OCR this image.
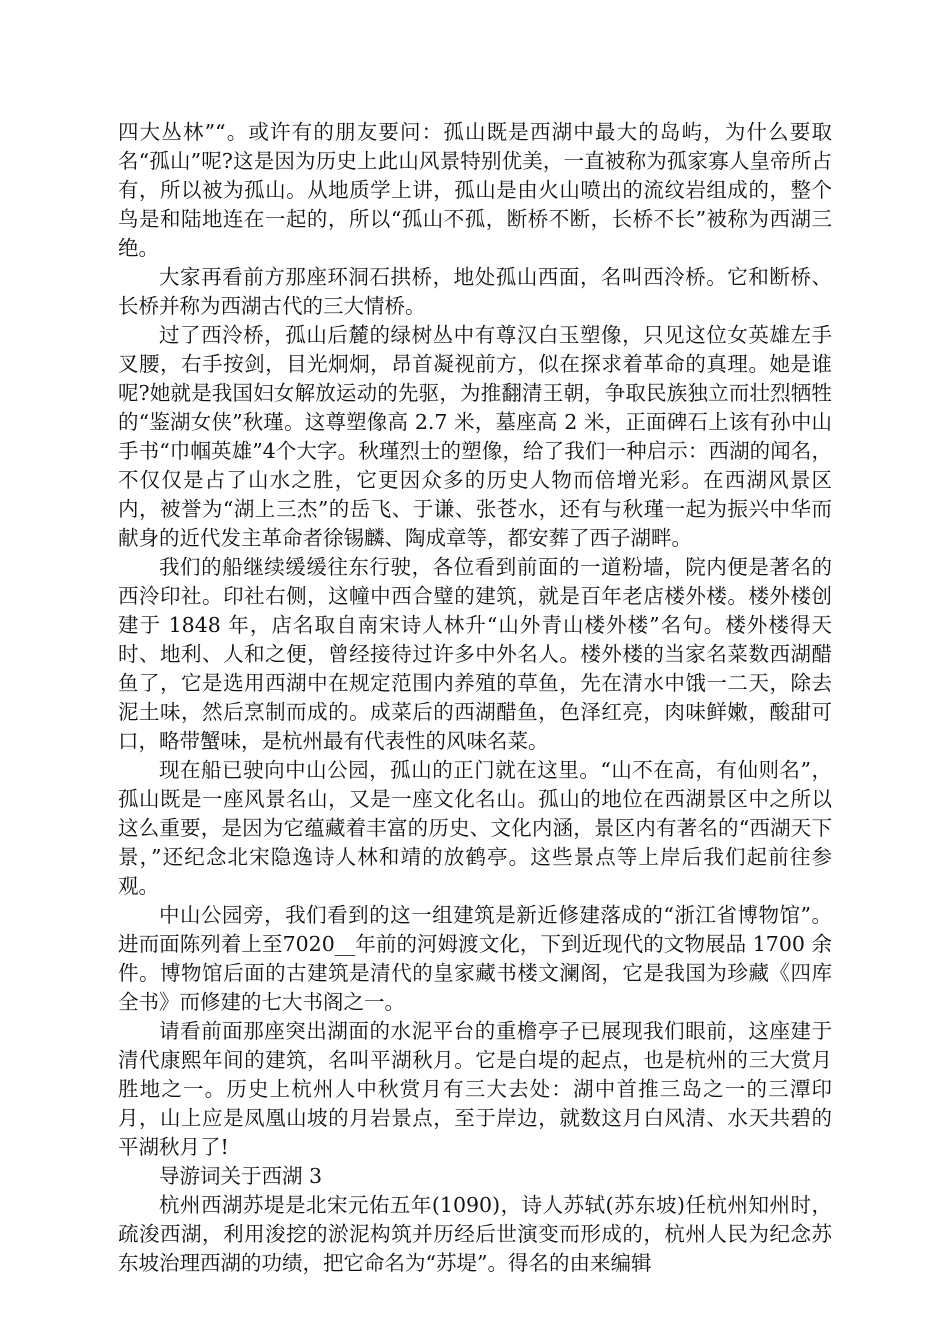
四大丛林”“。或许有的朋友要问：孤山既是西湖中最大的岛屿，为什么要取名“孤山”呢?这是因为历史上此山风景特别优美，一直被称为孤家寡人皇帝所占有，所以被为孤山。从地质学上讲，孤山是由火山喷出的流纹岩组成的，整个鸟是和陆地连在一起的，所以“孤山不孤，断桥不断，长桥不长”被称为西湖三绝。

大家再看前方那座环洞石拱桥，地处孤山西面，名叫西泠桥。它和断桥、长桥并称为西湖古代的三大情桥。

过了西泠桥，孤山后麓的绿树丛中有尊汉白玉塑像，只见这位女英雄左手叉腰，右手按剑，目光炯炯，昂首凝视前方，似在探求着革命的真理。她是谁呢?她就是我国妇女解放运动的先驱，为推翻清王朝，争取民族独立而壮烈牺牲的“鉴湖女侠”秋瑾。这尊塑像高 2.7 米，墓座高 2 米，正面碑石上该有孙中山手书“巾帼英雄”4个大字。秋瑾烈士的塑像，给了我们一种启示：西湖的闻名，不仅仅是占了山水之胜，它更因众多的历史人物而倍增光彩。在西湖风景区内，被誉为“湖上三杰”的岳飞、于谦、张苍水，还有与秋瑾一起为振兴中华而献身的近代发主革命者徐锡麟、陶成章等，都安葬了西子湖畔。

我们的船继续缓缓往东行驶，各位看到前面的一道粉墙，院内便是著名的西泠印社。印社右侧，这幢中西合璧的建筑，就是百年老店楼外楼。楼外楼创建于 1848 年，店名取自南宋诗人林升“山外青山楼外楼”名句。楼外楼得天时、地利、人和之便，曾经接待过许多中外名人。楼外楼的当家名菜数西湖醋鱼了，它是选用西湖中在规定范围内养殖的草鱼，先在清水中饿一二天，除去泥土味，然后烹制而成的。成菜后的西湖醋鱼，色泽红亮，肉味鲜嫩，酸甜可口，略带蟹味，是杭州最有代表性的风味名菜。

现在船已驶向中山公园，孤山的正门就在这里。“山不在高，有仙则名”，孤山既是一座风景名山，又是一座文化名山。孤山的地位在西湖景区中之所以这么重要，是因为它蕴藏着丰富的历史、文化内涵，景区内有著名的“西湖天下景，”还纪念北宋隐逸诗人林和靖的放鹤亭。这些景点等上岸后我们起前往参观。

中山公园旁，我们看到的这一组建筑是新近修建落成的“浙江省博物馆”。进而面陈列着上至7020__年前的河姆渡文化，下到近现代的文物展品 1700 余件。博物馆后面的古建筑是清代的皇家藏书楼文澜阁，它是我国为珍藏《四库全书》而修建的七大书阁之一。

请看前面那座突出湖面的水泥平台的重檐亭子已展现我们眼前，这座建于清代康熙年间的建筑，名叫平湖秋月。它是白堤的起点，也是杭州的三大赏月胜地之一。历史上杭州人中秋赏月有三大去处：湖中首推三岛之一的三潭印月，山上应是凤凰山坡的月岩景点，至于岸边，就数这月白风清、水天共碧的平湖秋月了!

导游词关于西湖 3

杭州西湖苏堤是北宋元佑五年(1090)，诗人苏轼(苏东坡)任杭州知州时，疏浚西湖，利用浚挖的淤泥构筑并历经后世演变而形成的，杭州人民为纪念苏东坡治理西湖的功绩，把它命名为“苏堤”。得名的由来编辑
